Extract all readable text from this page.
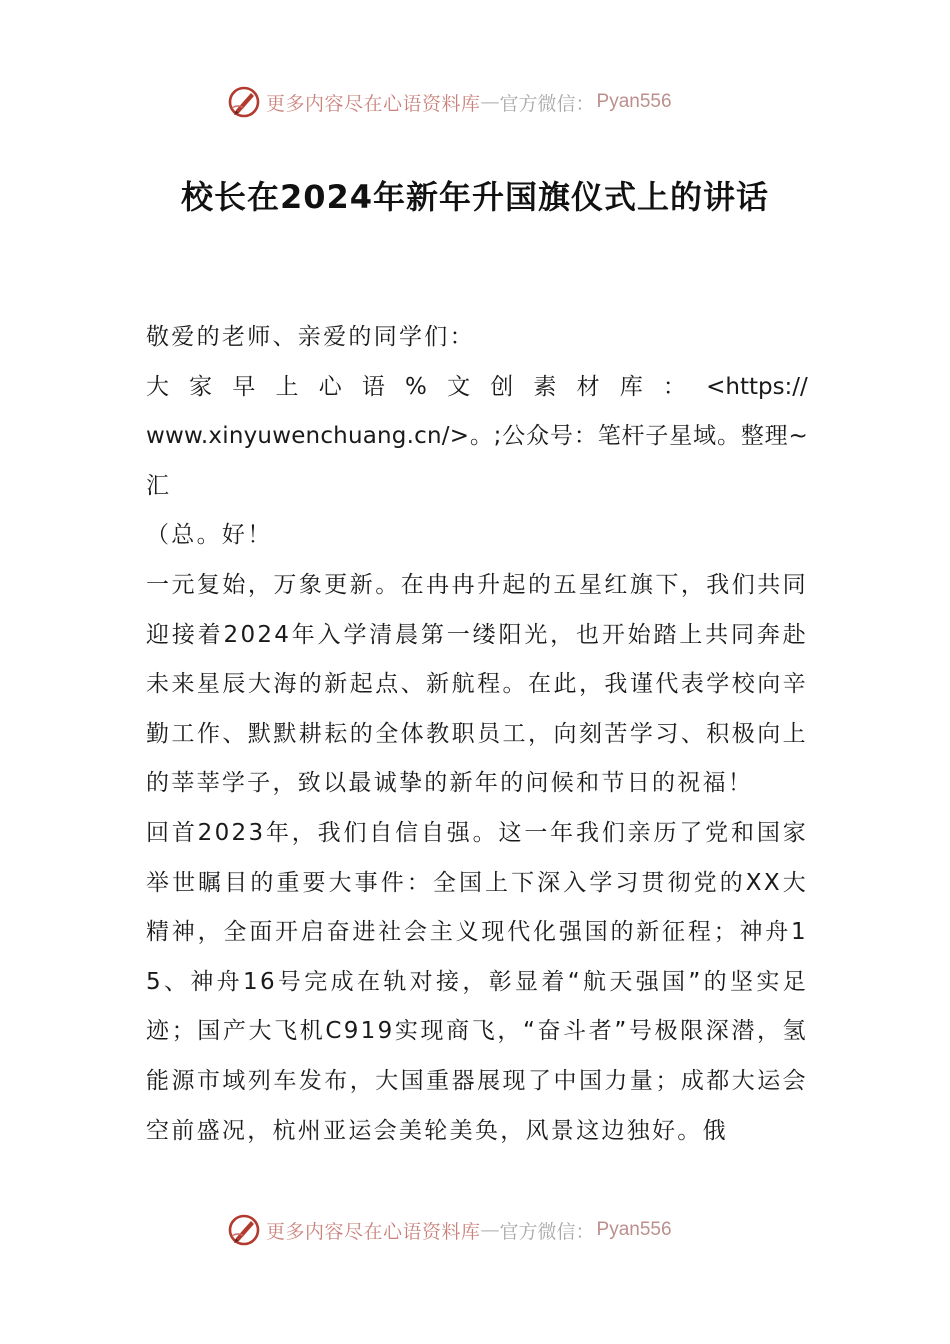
更多内容尽在心语资料库 — 官方微信： Pyan556
校长在2024年新年升国旗仪式上的讲话

敬爱的老师、亲爱的同学们：

大 家 早 上 心 语 % 文 创 素 材 库 ： <https://

www.xinyuwenchuang.cn/>。;公众号：笔杆子星域。整理~汇

（总。好！

一元复始，万象更新。在冉冉升起的五星红旗下，我们共同迎接着2024年入学清晨第一缕阳光，也开始踏上共同奔赴未来星辰大海的新起点、新航程。在此，我谨代表学校向辛勤工作、默默耕耘的全体教职员工，向刻苦学习、积极向上的莘莘学子，致以最诚挚的新年的问候和节日的祝福！

回首2023年，我们自信自强。这一年我们亲历了党和国家举世瞩目的重要大事件：全国上下深入学习贯彻党的XX大精神，全面开启奋进社会主义现代化强国的新征程；神舟15、神舟16号完成在轨对接，彰显着“航天强国”的坚实足迹；国产大飞机C919实现商飞，“奋斗者”号极限深潜，氢能源市域列车发布，大国重器展现了中国力量；成都大运会空前盛况，杭州亚运会美轮美奂，风景这边独好。俄

更多内容尽在心语资料库 — 官方微信： Pyan556
